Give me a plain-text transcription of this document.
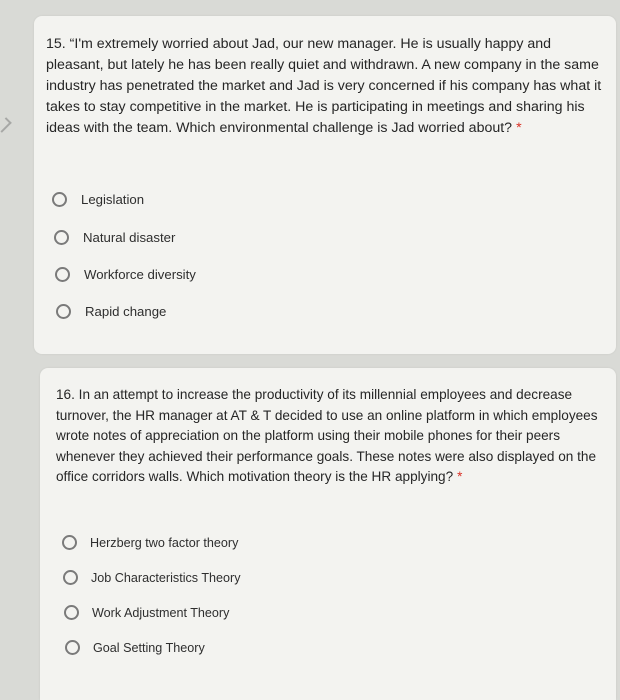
15. “I'm extremely worried about Jad, our new manager. He is usually happy and pleasant, but lately he has been really quiet and withdrawn. A new company in the same industry has penetrated the market and Jad is very concerned if his company has what it takes to stay competitive in the market. He is participating in meetings and sharing his ideas with the team. Which environmental challenge is Jad worried about? *

Legislation
Natural disaster
Workforce diversity
Rapid change

16. In an attempt to increase the productivity of its millennial employees and decrease turnover, the HR manager at AT & T decided to use an online platform in which employees wrote notes of appreciation on the platform using their mobile phones for their peers whenever they achieved their performance goals. These notes were also displayed on the office corridors walls. Which motivation theory is the HR applying? *

Herzberg two factor theory
Job Characteristics Theory
Work Adjustment Theory
Goal Setting Theory
